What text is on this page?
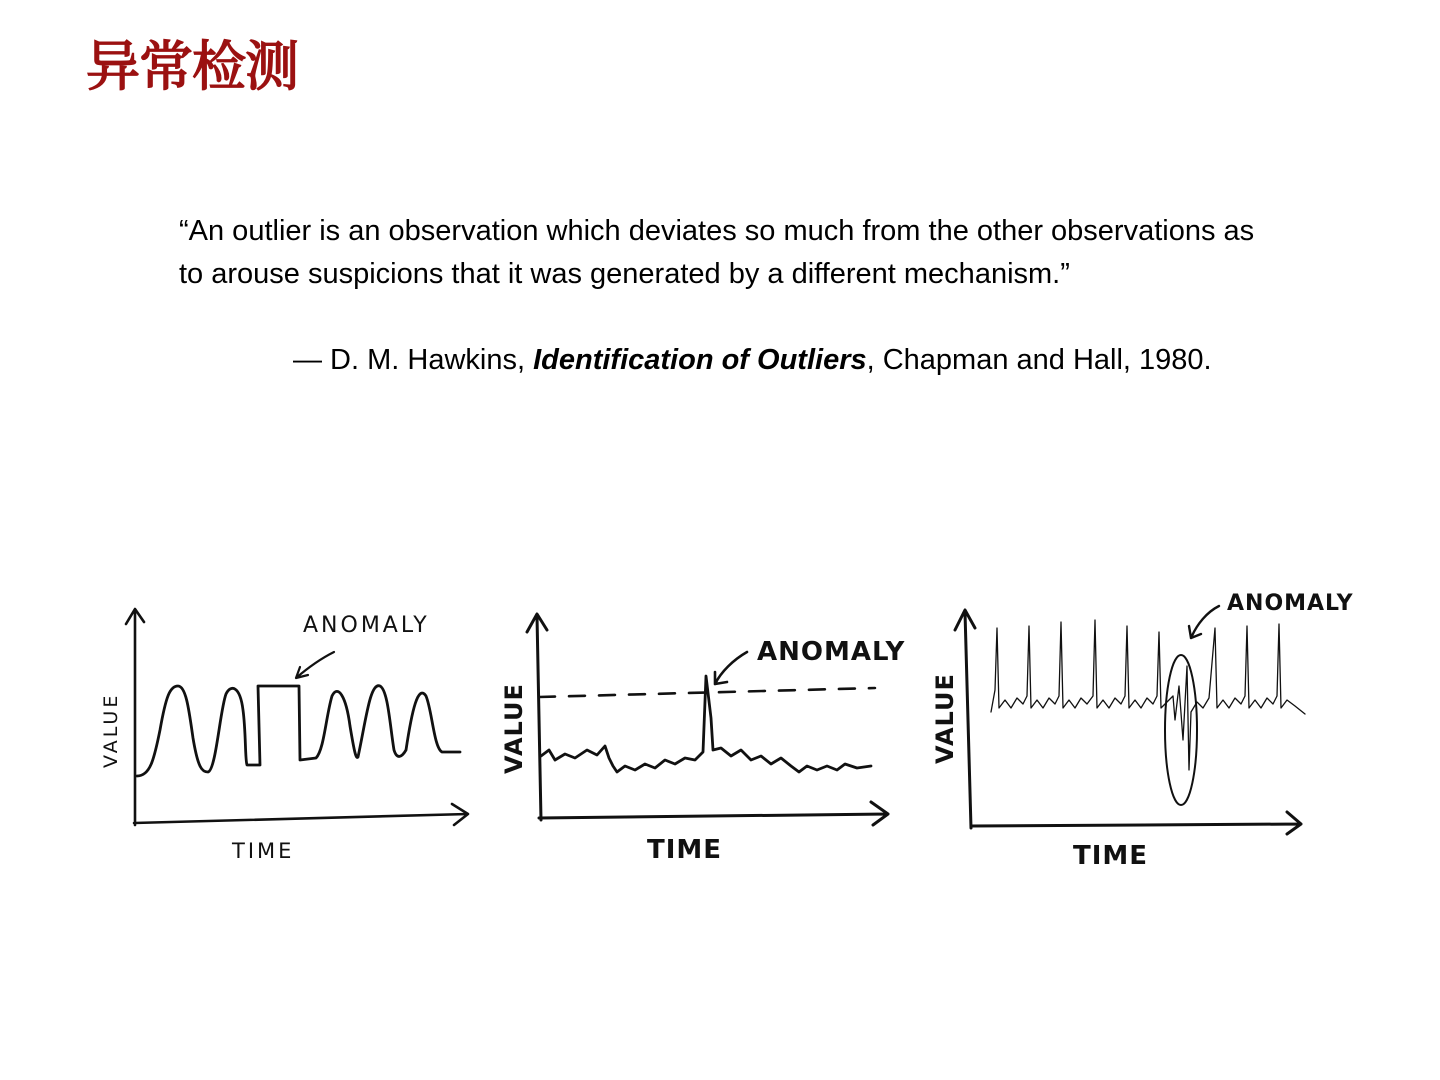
异常检测

“An outlier is an observation which deviates so much from the other observations as to arouse suspicions that it was generated by a different mechanism.”

— D. M. Hawkins, Identification of Outliers, Chapman and Hall, 1980.

ANOMALY
TIME
VALUE
ANOMALY
TIME
VALUE
ANOMALY
TIME
VALUE
